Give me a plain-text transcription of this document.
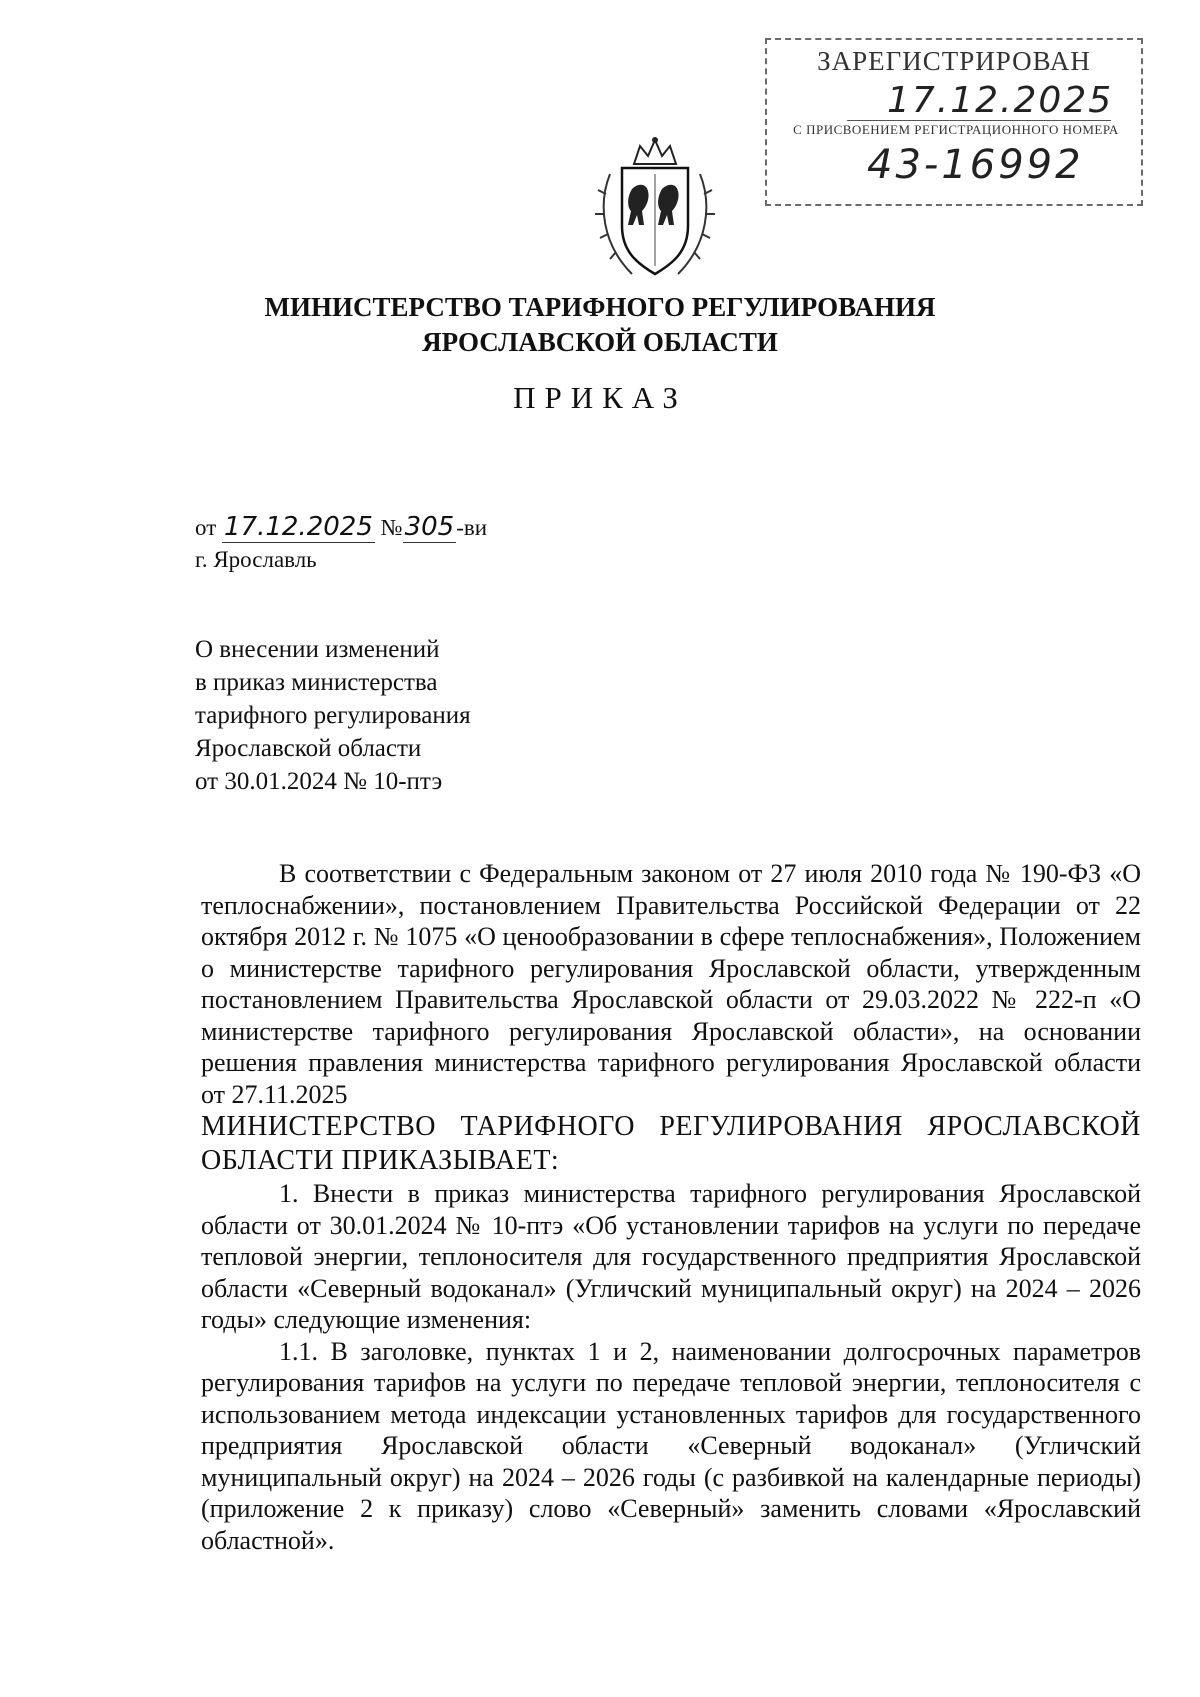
ЗАРЕГИСТРИРОВАН
17.12.2025
С ПРИСВОЕНИЕМ РЕГИСТРАЦИОННОГО НОМЕРА
43-16992
МИНИСТЕРСТВО ТАРИФНОГО РЕГУЛИРОВАНИЯ
ЯРОСЛАВСКОЙ ОБЛАСТИ
ПРИКАЗ
от 17.12.2025 №305-ви
г. Ярославль
О внесении изменений
в приказ министерства
тарифного регулирования
Ярославской области
от 30.01.2024 № 10-птэ
В соответствии с Федеральным законом от 27 июля 2010 года № 190-ФЗ «О теплоснабжении», постановлением Правительства Российской Федерации от 22 октября 2012 г. № 1075 «О ценообразовании в сфере теплоснабжения», Положением о министерстве тарифного регулирования Ярославской области, утвержденным постановлением Правительства Ярославской области от 29.03.2022 № 222-п «О министерстве тарифного регулирования Ярославской области», на основании решения правления министерства тарифного регулирования Ярославской области от 27.11.2025
МИНИСТЕРСТВО ТАРИФНОГО РЕГУЛИРОВАНИЯ ЯРОСЛАВСКОЙ ОБЛАСТИ ПРИКАЗЫВАЕТ:
1. Внести в приказ министерства тарифного регулирования Ярославской области от 30.01.2024 № 10-птэ «Об установлении тарифов на услуги по передаче тепловой энергии, теплоносителя для государственного предприятия Ярославской области «Северный водоканал» (Угличский муниципальный округ) на 2024 – 2026 годы» следующие изменения:
1.1. В заголовке, пунктах 1 и 2, наименовании долгосрочных параметров регулирования тарифов на услуги по передаче тепловой энергии, теплоносителя с использованием метода индексации установленных тарифов для государственного предприятия Ярославской области «Северный водоканал» (Угличский муниципальный округ) на 2024 – 2026 годы (с разбивкой на календарные периоды) (приложение 2 к приказу) слово «Северный» заменить словами «Ярославский областной».
